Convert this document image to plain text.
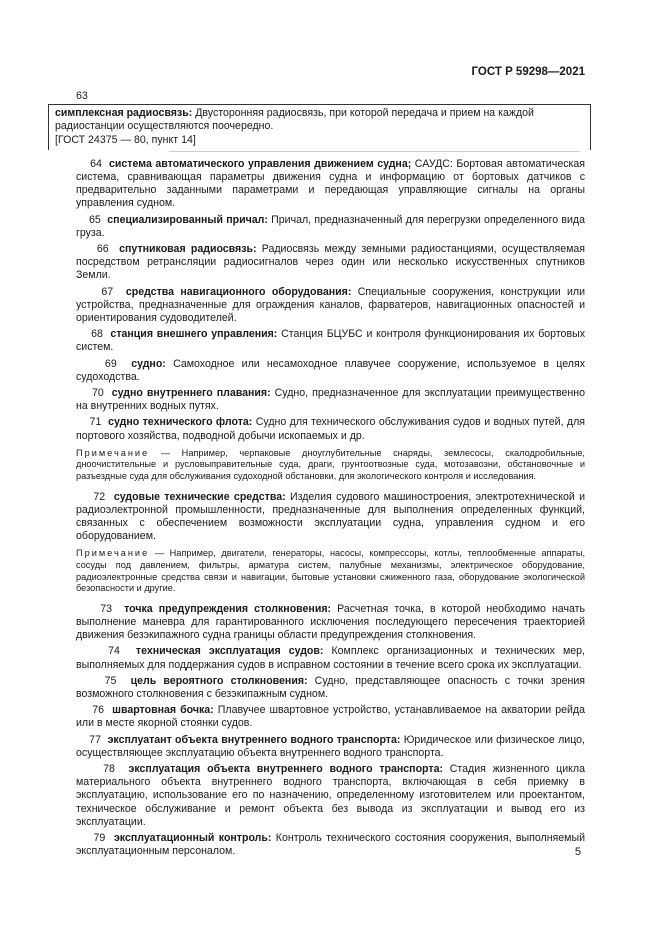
ГОСТ Р 59298—2021
63
симплексная радиосвязь: Двусторонняя радиосвязь, при которой передача и прием на каждой радиостанции осуществляются поочередно.
[ГОСТ 24375 — 80, пункт 14]
64 система автоматического управления движением судна; САУДС: Бортовая автоматическая система, сравнивающая параметры движения судна и информацию от бортовых датчиков с предварительно заданными параметрами и передающая управляющие сигналы на органы управления судном.
65 специализированный причал: Причал, предназначенный для перегрузки определенного вида груза.
66 спутниковая радиосвязь: Радиосвязь между земными радиостанциями, осуществляемая посредством ретрансляции радиосигналов через один или несколько искусственных спутников Земли.
67 средства навигационного оборудования: Специальные сооружения, конструкции или устройства, предназначенные для ограждения каналов, фарватеров, навигационных опасностей и ориентирования судоводителей.
68 станция внешнего управления: Станция БЦУБС и контроля функционирования их бортовых систем.
69 судно: Самоходное или несамоходное плавучее сооружение, используемое в целях судоходства.
70 судно внутреннего плавания: Судно, предназначенное для эксплуатации преимущественно на внутренних водных путях.
71 судно технического флота: Судно для технического обслуживания судов и водных путей, для портового хозяйства, подводной добычи ископаемых и др.
Примечание — Например, черпаковые дноуглубительные снаряды, землесосы, скалодробильные, дноочистительные и русловыправительные суда, драги, грунтоотвозные суда, мотозавозни, обстановочные и разъездные суда для обслуживания судоходной обстановки, для экологического контроля и исследования.
72 судовые технические средства: Изделия судового машиностроения, электротехнической и радиоэлектронной промышленности, предназначенные для выполнения определенных функций, связанных с обеспечением возможности эксплуатации судна, управления судном и его оборудованием.
Примечание — Например, двигатели, генераторы, насосы, компрессоры, котлы, теплообменные аппараты, сосуды под давлением, фильтры, арматура систем, палубные механизмы, электрическое оборудование, радиоэлектронные средства связи и навигации, бытовые установки сжиженного газа, оборудование экологической безопасности и другие.
73 точка предупреждения столкновения: Расчетная точка, в которой необходимо начать выполнение маневра для гарантированного исключения последующего пересечения траекторией движения безэкипажного судна границы области предупреждения столкновения.
74 техническая эксплуатация судов: Комплекс организационных и технических мер, выполняемых для поддержания судов в исправном состоянии в течение всего срока их эксплуатации.
75 цель вероятного столкновения: Судно, представляющее опасность с точки зрения возможного столкновения с безэкипажным судном.
76 швартовная бочка: Плавучее швартовное устройство, устанавливаемое на акватории рейда или в месте якорной стоянки судов.
77 эксплуатант объекта внутреннего водного транспорта: Юридическое или физическое лицо, осуществляющее эксплуатацию объекта внутреннего водного транспорта.
78 эксплуатация объекта внутреннего водного транспорта: Стадия жизненного цикла материального объекта внутреннего водного транспорта, включающая в себя приемку в эксплуатацию, использование его по назначению, определенному изготовителем или проектантом, техническое обслуживание и ремонт объекта без вывода из эксплуатации и вывод его из эксплуатации.
79 эксплуатационный контроль: Контроль технического состояния сооружения, выполняемый эксплуатационным персоналом.	5
